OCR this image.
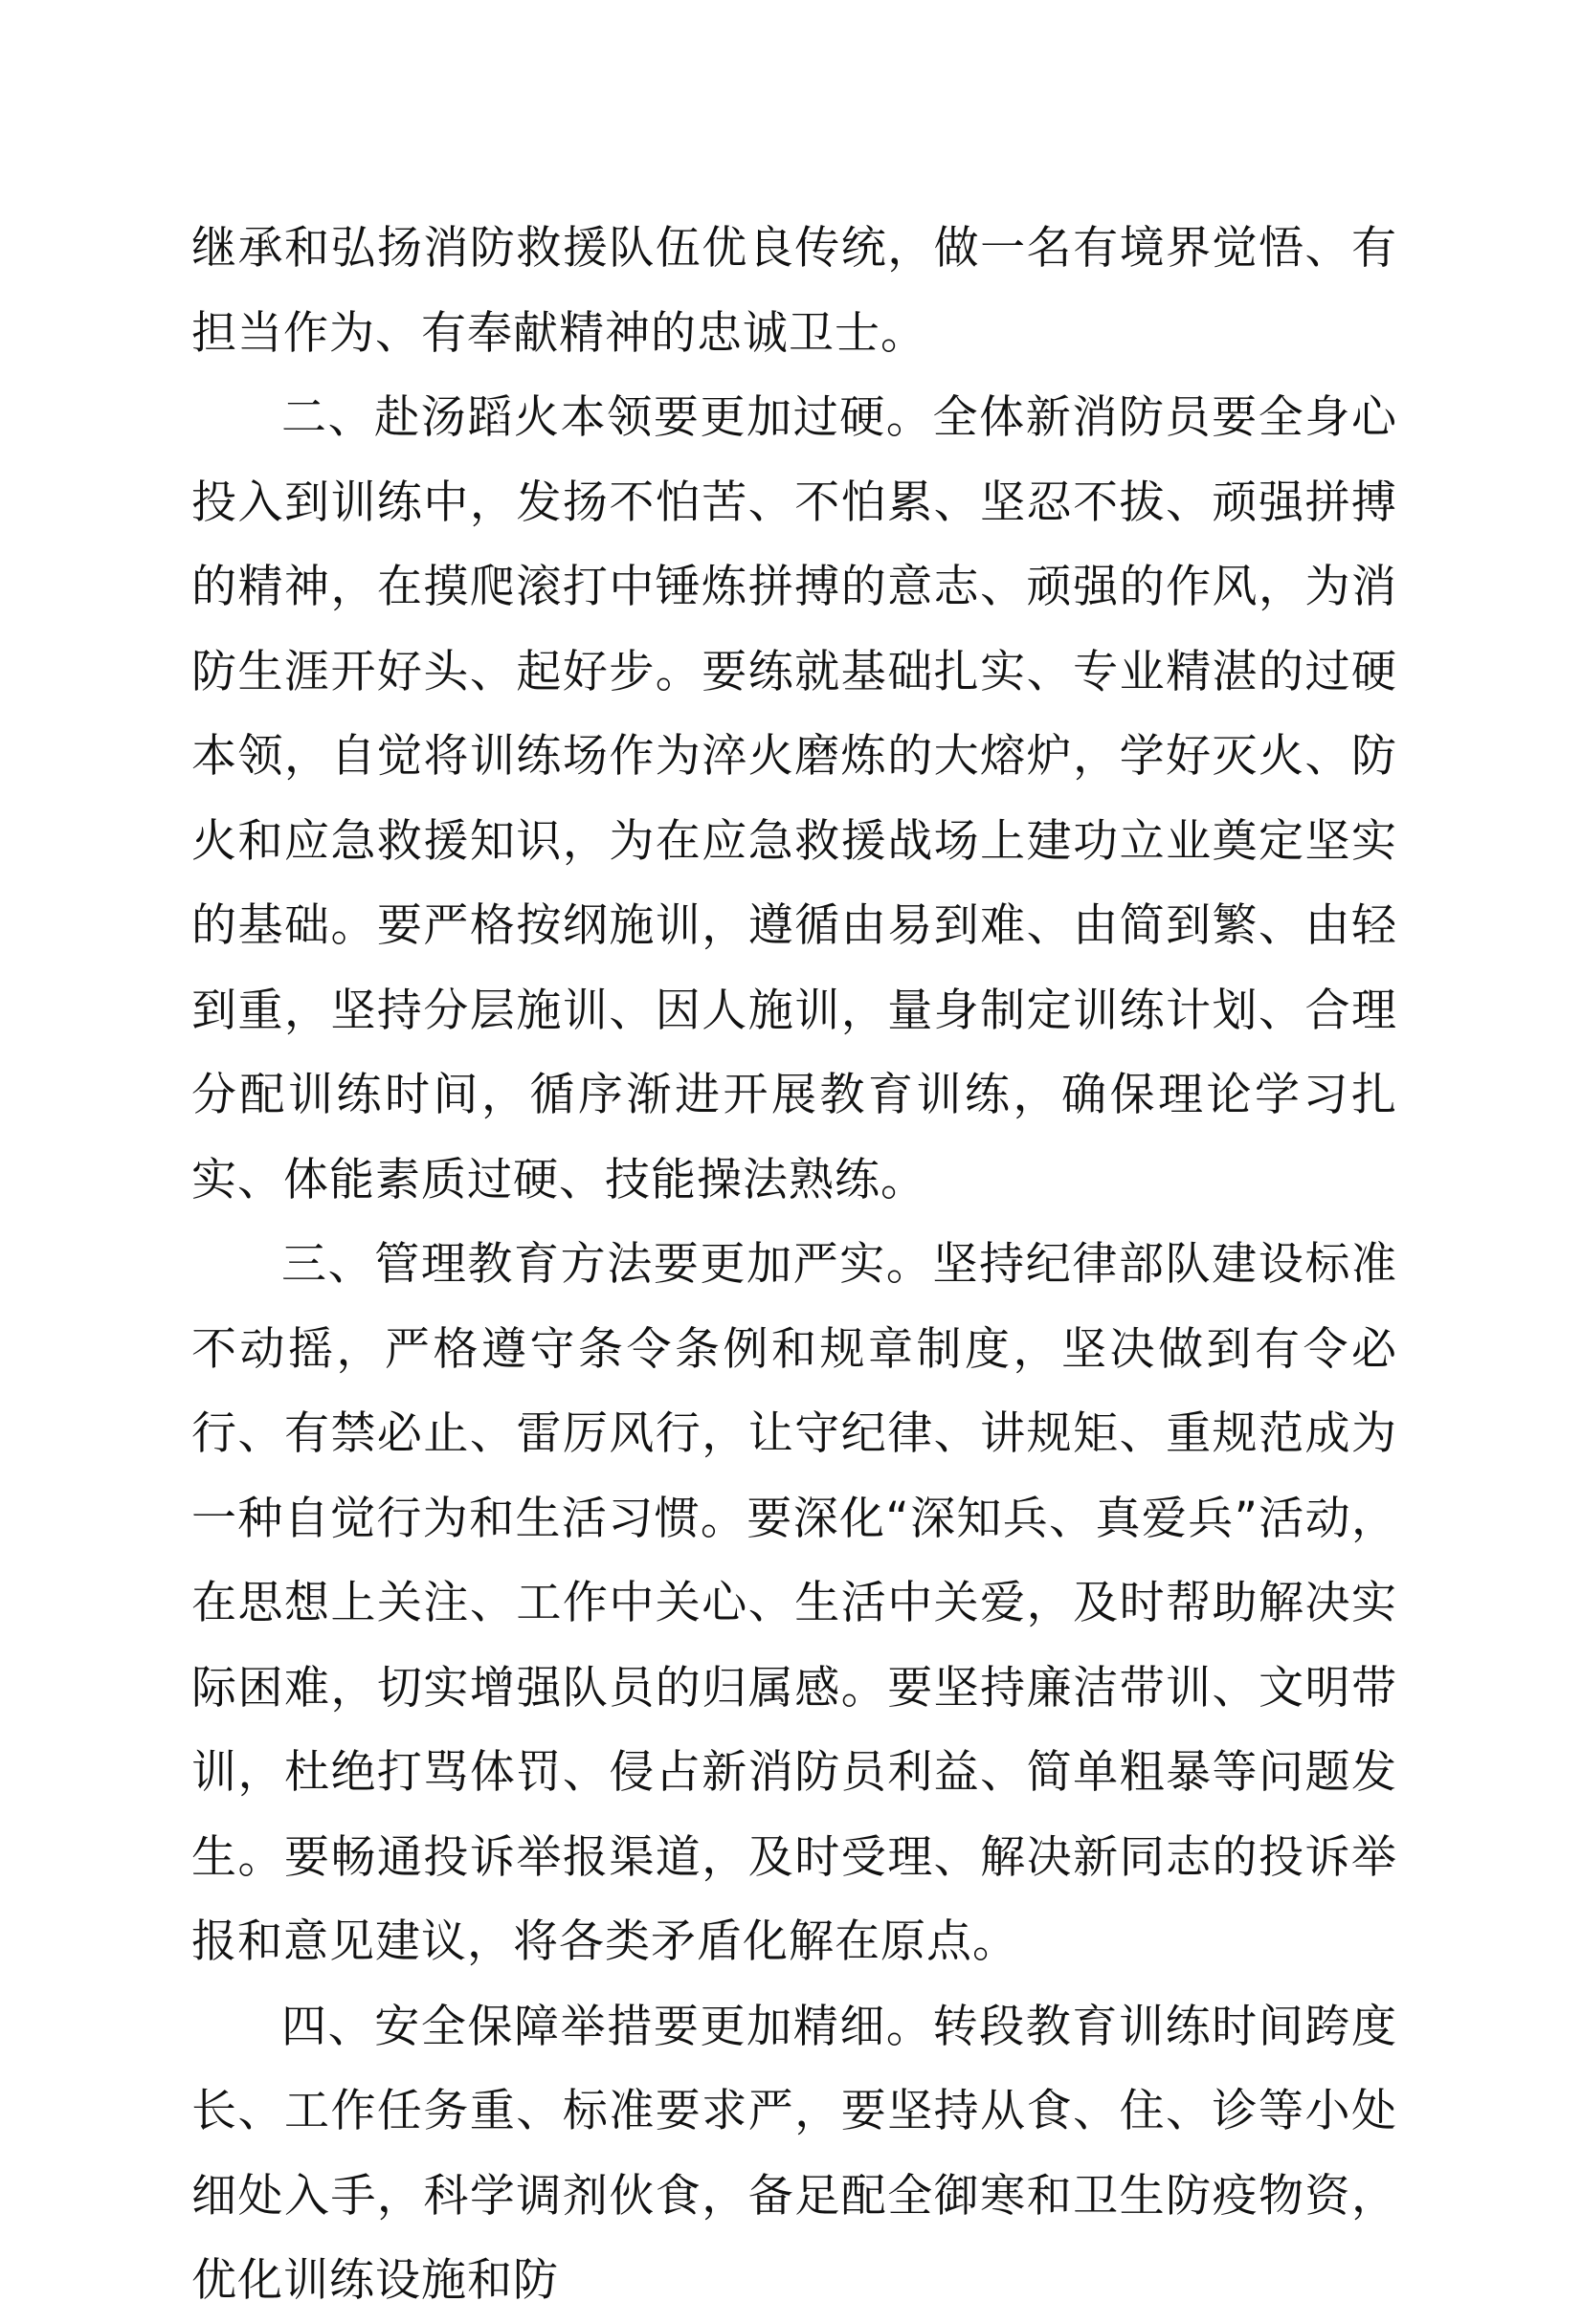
继承和弘扬消防救援队伍优良传统，做一名有境界觉悟、有担当作为、有奉献精神的忠诚卫士。

二、赴汤蹈火本领要更加过硬。全体新消防员要全身心投入到训练中，发扬不怕苦、不怕累、坚忍不拔、顽强拼搏的精神，在摸爬滚打中锤炼拼搏的意志、顽强的作风，为消防生涯开好头、起好步。要练就基础扎实、专业精湛的过硬本领，自觉将训练场作为淬火磨炼的大熔炉，学好灭火、防火和应急救援知识，为在应急救援战场上建功立业奠定坚实的基础。要严格按纲施训，遵循由易到难、由简到繁、由轻到重，坚持分层施训、因人施训，量身制定训练计划、合理分配训练时间，循序渐进开展教育训练，确保理论学习扎实、体能素质过硬、技能操法熟练。

三、管理教育方法要更加严实。坚持纪律部队建设标准不动摇，严格遵守条令条例和规章制度，坚决做到有令必行、有禁必止、雷厉风行，让守纪律、讲规矩、重规范成为一种自觉行为和生活习惯。要深化“深知兵、真爱兵”活动，在思想上关注、工作中关心、生活中关爱，及时帮助解决实际困难，切实增强队员的归属感。要坚持廉洁带训、文明带训，杜绝打骂体罚、侵占新消防员利益、简单粗暴等问题发生。要畅通投诉举报渠道，及时受理、解决新同志的投诉举报和意见建议，将各类矛盾化解在原点。

四、安全保障举措要更加精细。转段教育训练时间跨度长、工作任务重、标准要求严，要坚持从食、住、诊等小处细处入手，科学调剂伙食，备足配全御寒和卫生防疫物资，优化训练设施和防
